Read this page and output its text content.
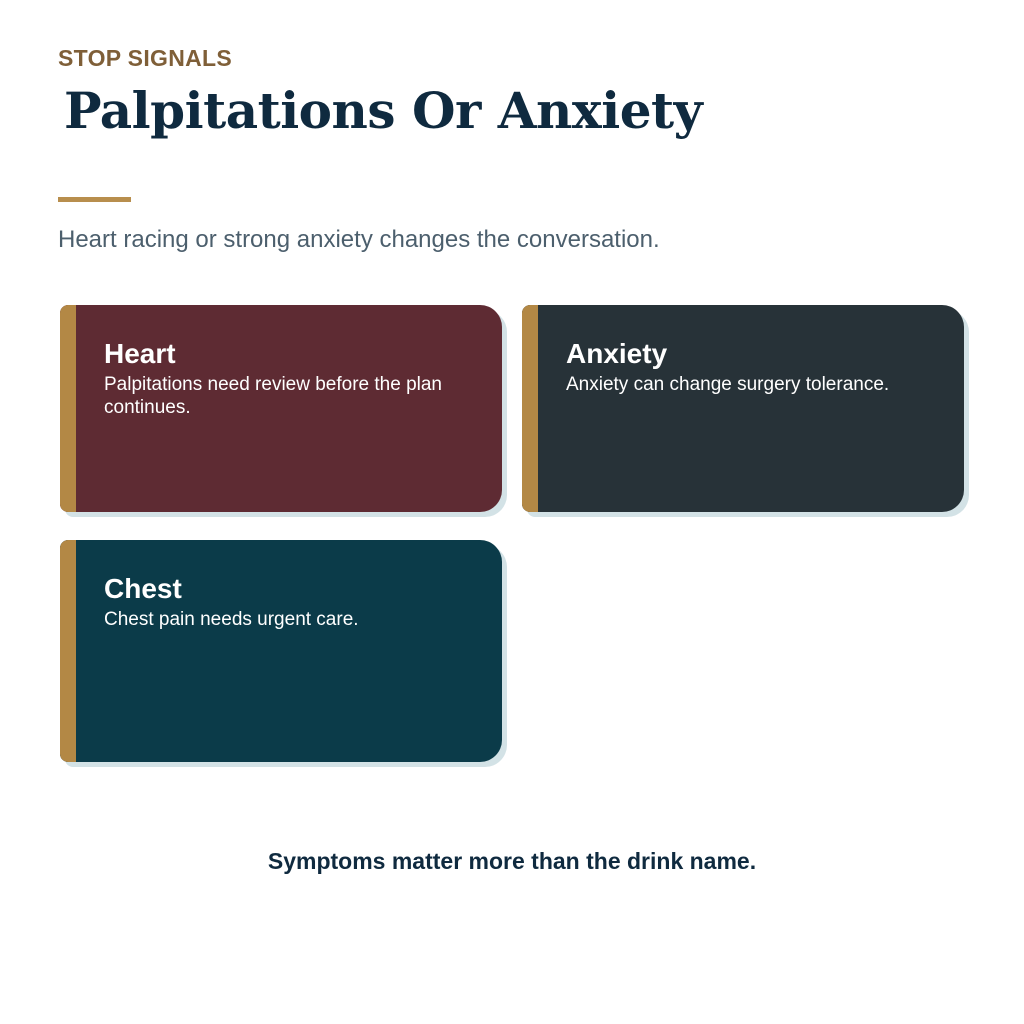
STOP SIGNALS

Palpitations Or Anxiety

Heart racing or strong anxiety changes the conversation.

Heart

Palpitations need review before the plan continues.

Anxiety

Anxiety can change surgery tolerance.

Chest

Chest pain needs urgent care.

Symptoms matter more than the drink name.
